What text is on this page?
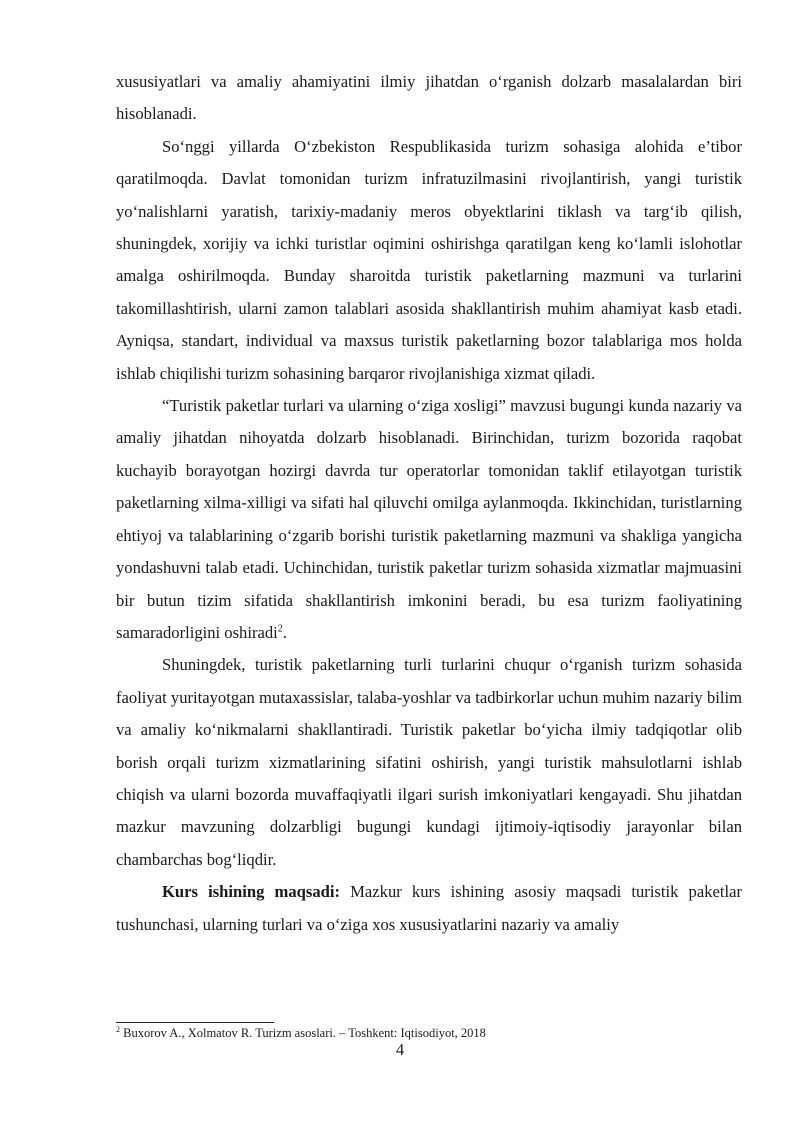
xususiyatlari va amaliy ahamiyatini ilmiy jihatdan o‘rganish dolzarb masalalardan biri hisoblanadi.

So‘nggi yillarda O‘zbekiston Respublikasida turizm sohasiga alohida e’tibor qaratilmoqda. Davlat tomonidan turizm infratuzilmasini rivojlantirish, yangi turistik yo‘nalishlarni yaratish, tarixiy-madaniy meros obyektlarini tiklash va targ‘ib qilish, shuningdek, xorijiy va ichki turistlar oqimini oshirishga qaratilgan keng ko‘lamli islohotlar amalga oshirilmoqda. Bunday sharoitda turistik paketlarning mazmuni va turlarini takomillashtirish, ularni zamon talablari asosida shakllantirish muhim ahamiyat kasb etadi. Ayniqsa, standart, individual va maxsus turistik paketlarning bozor talablariga mos holda ishlab chiqilishi turizm sohasining barqaror rivojlanishiga xizmat qiladi.

“Turistik paketlar turlari va ularning o‘ziga xosligi” mavzusi bugungi kunda nazariy va amaliy jihatdan nihoyatda dolzarb hisoblanadi. Birinchidan, turizm bozorida raqobat kuchayib borayotgan hozirgi davrda tur operatorlar tomonidan taklif etilayotgan turistik paketlarning xilma-xilligi va sifati hal qiluvchi omilga aylanmoqda. Ikkinchidan, turistlarning ehtiyoj va talablarining o‘zgarib borishi turistik paketlarning mazmuni va shakliga yangicha yondashuvni talab etadi. Uchinchidan, turistik paketlar turizm sohasida xizmatlar majmuasini bir butun tizim sifatida shakllantirish imkonini beradi, bu esa turizm faoliyatining samaradorligini oshiradi$^2$.

Shuningdek, turistik paketlarning turli turlarini chuqur o‘rganish turizm sohasida faoliyat yuritayotgan mutaxassislar, talaba-yoshlar va tadbirkorlar uchun muhim nazariy bilim va amaliy ko‘nikmalarni shakllantiradi. Turistik paketlar bo‘yicha ilmiy tadqiqotlar olib borish orqali turizm xizmatlarining sifatini oshirish, yangi turistik mahsulotlarni ishlab chiqish va ularni bozorda muvaffaqiyatli ilgari surish imkoniyatlari kengayadi. Shu jihatdan mazkur mavzuning dolzarbligi bugungi kundagi ijtimoiy-iqtisodiy jarayonlar bilan chambarchas bog‘liqdir.

Kurs ishining maqsadi: Mazkur kurs ishining asosiy maqsadi turistik paketlar tushunchasi, ularning turlari va o‘ziga xos xususiyatlarini nazariy va amaliy

$^2$ Buxorov A., Xolmatov R. Turizm asoslari. – Toshkent: Iqtisodiyot, 2018
4
